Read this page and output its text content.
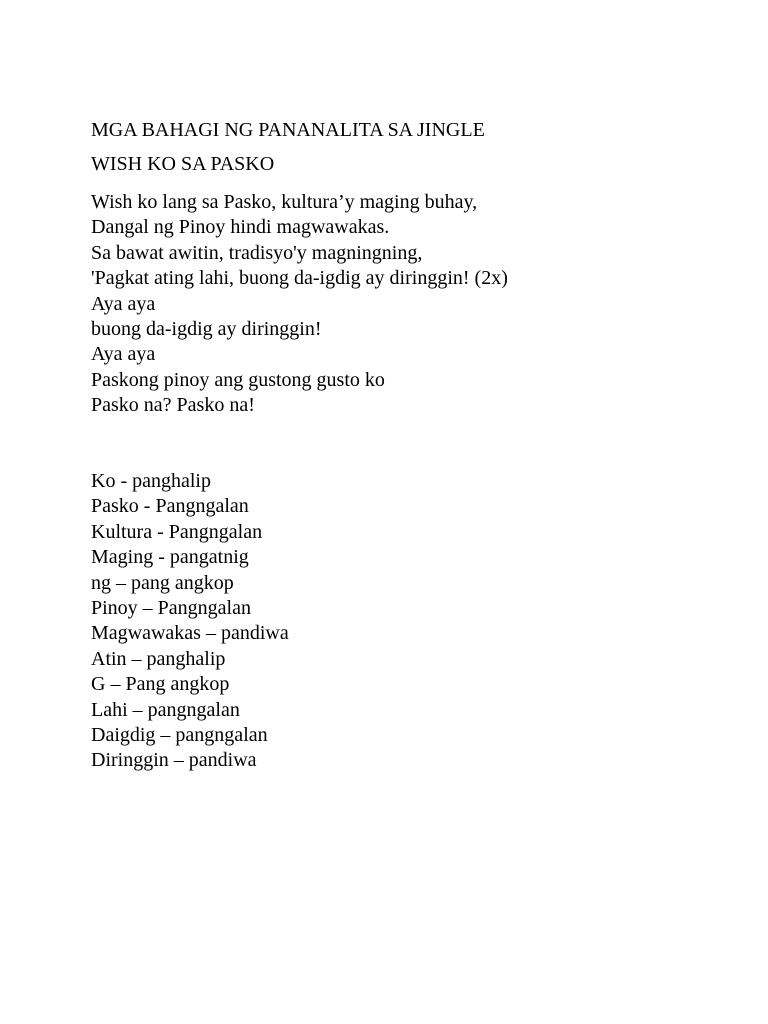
MGA BAHAGI NG PANANALITA SA JINGLE
WISH KO SA PASKO
Wish ko lang sa Pasko, kultura’y maging buhay,
Dangal ng Pinoy hindi magwawakas.
Sa bawat awitin, tradisyo'y magningning,
'Pagkat ating lahi, buong da-igdig ay diringgin! (2x)
Aya aya
buong da-igdig ay diringgin!
Aya aya
Paskong pinoy ang gustong gusto ko
Pasko na? Pasko na!
Ko - panghalip
Pasko - Pangngalan
Kultura - Pangngalan
Maging - pangatnig
ng – pang angkop
Pinoy – Pangngalan
Magwawakas – pandiwa
Atin – panghalip
G – Pang angkop
Lahi – pangngalan
Daigdig – pangngalan
Diringgin – pandiwa
